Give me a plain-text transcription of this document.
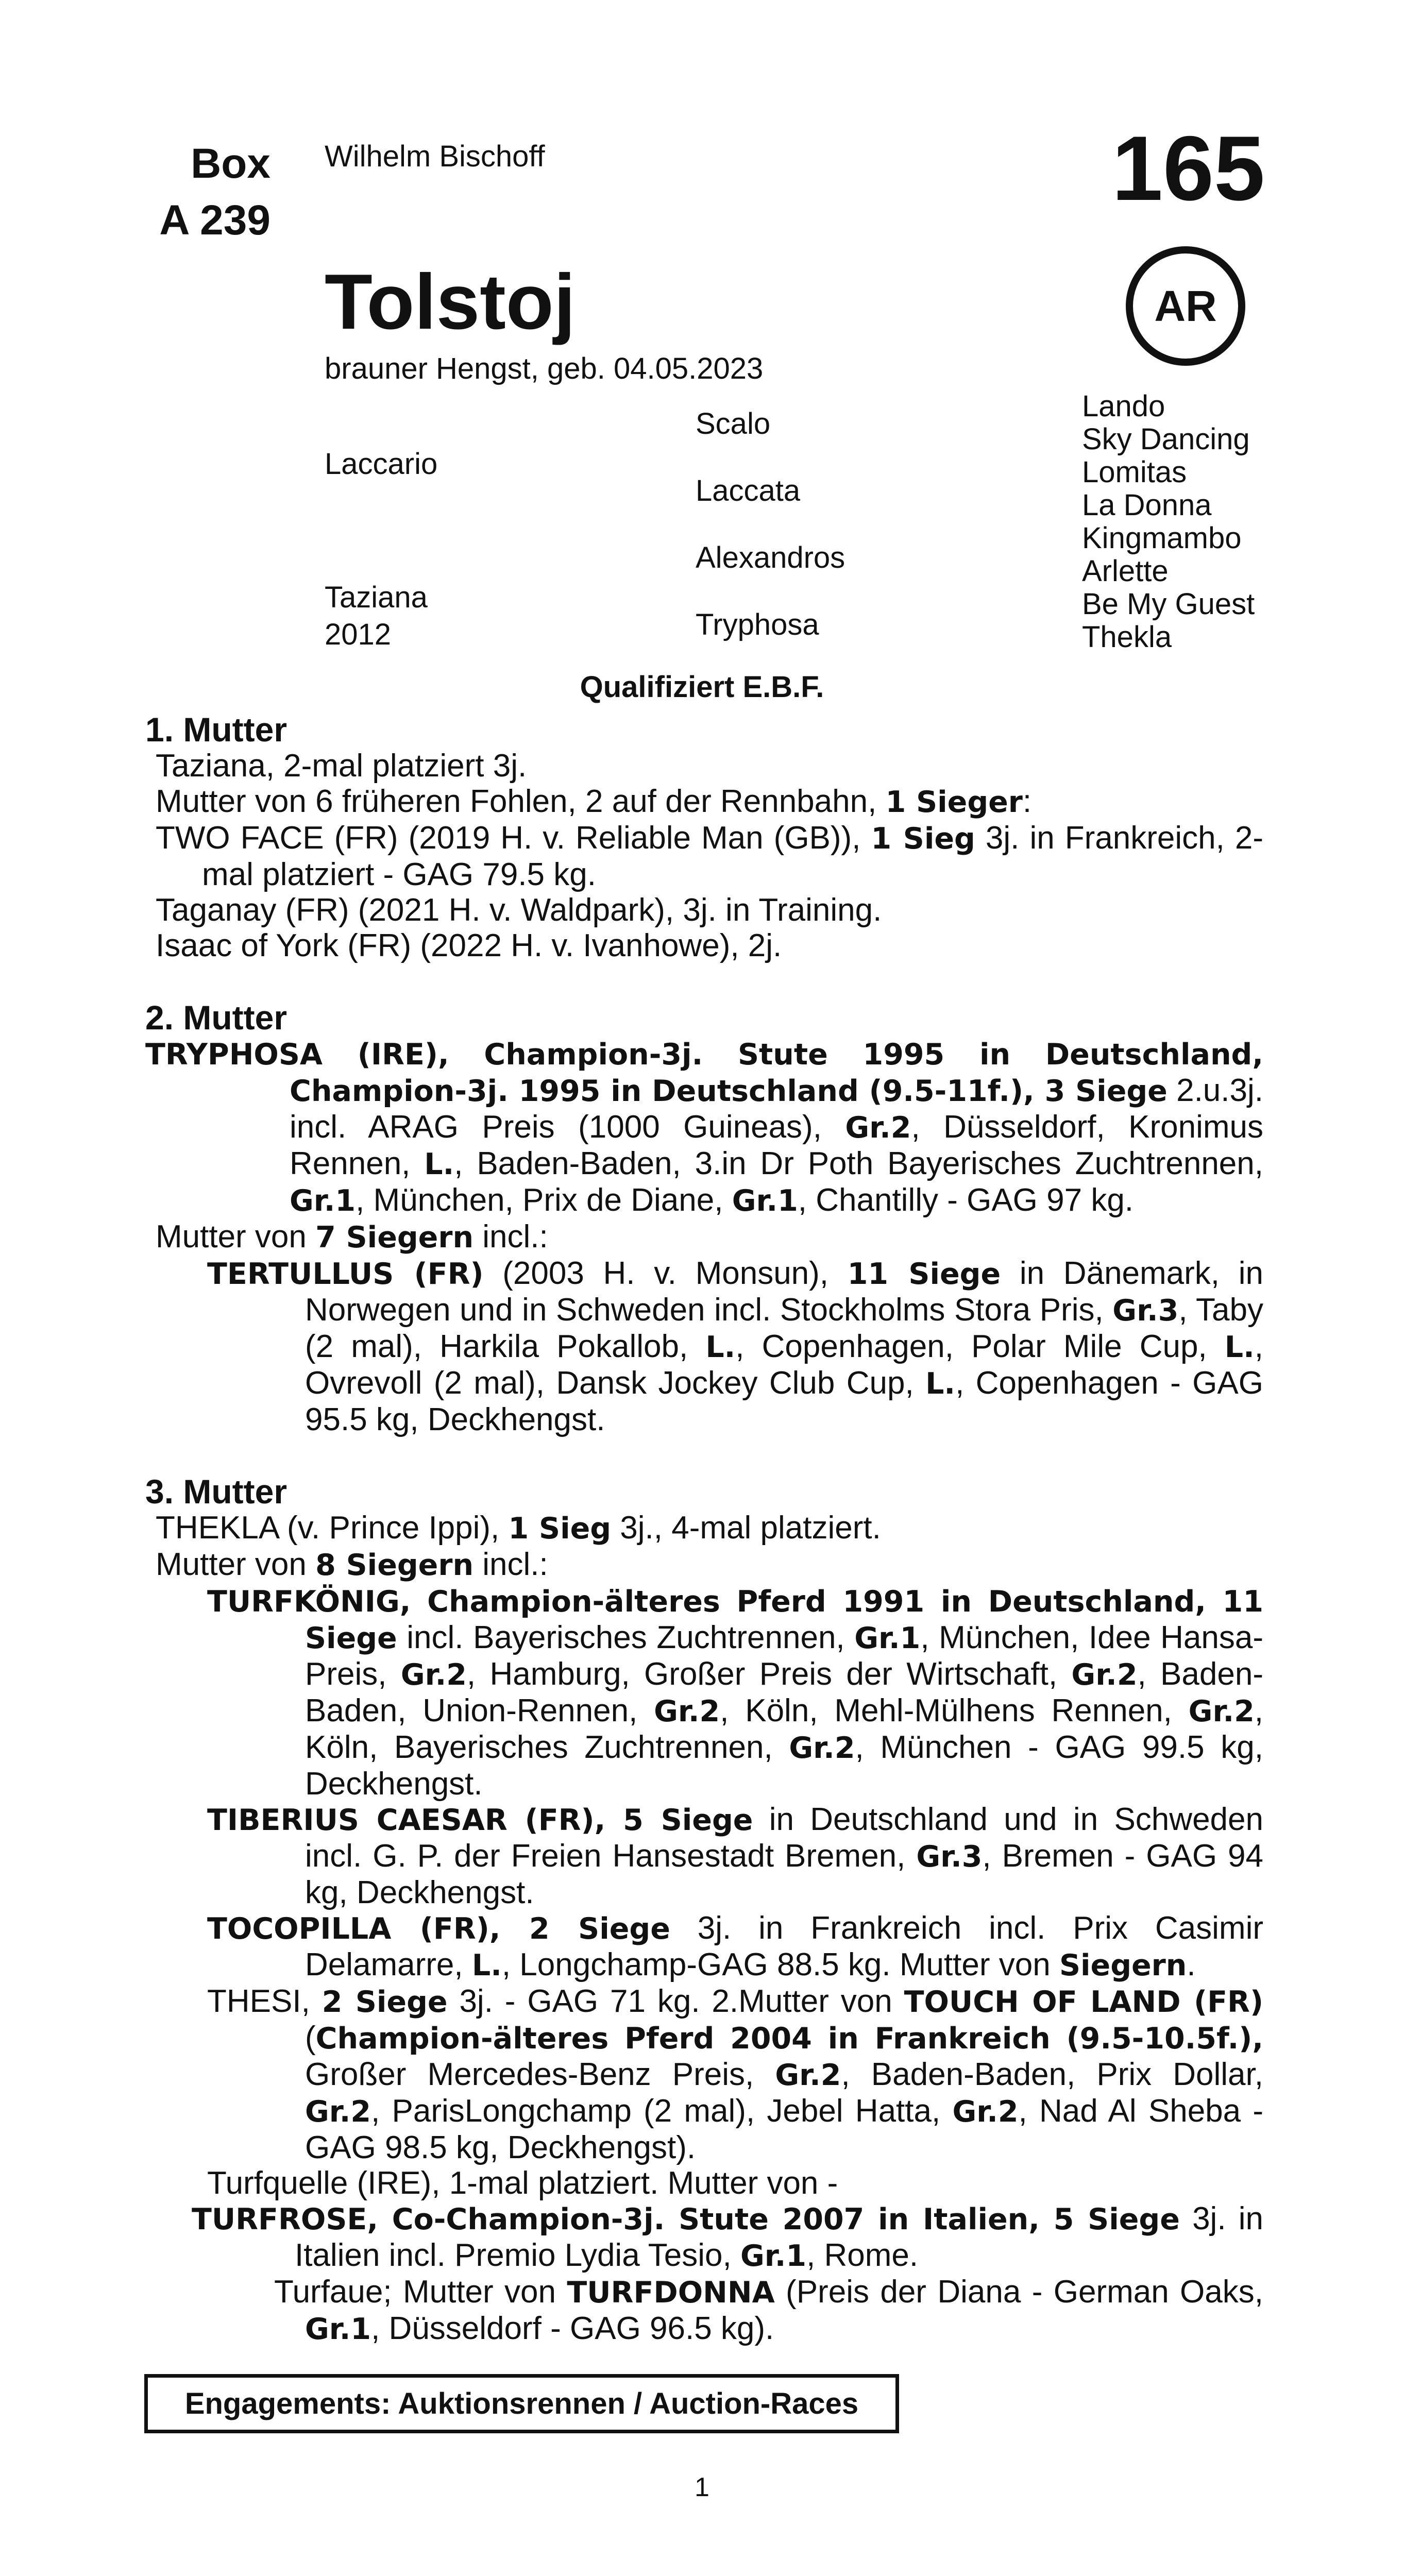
Box
A 239
Wilhelm Bischoff	165
AR
Tolstoj
brauner Hengst, geb. 04.05.2023
Laccario
Taziana
2012
Scalo
Laccata
Alexandros
Tryphosa
Lando
Sky Dancing
Lomitas
La Donna
Kingmambo
Arlette
Be My Guest
Thekla
Qualifiziert E.B.F.

1. Mutter

Taziana, 2-mal platziert 3j.

Mutter von 6 früheren Fohlen, 2 auf der Rennbahn, 1 Sieger:

TWO FACE (FR) (2019 H. v. Reliable Man (GB)), 1 Sieg 3j. in Frankreich, 2-mal platziert - GAG 79.5 kg.

Taganay (FR) (2021 H. v. Waldpark), 3j. in Training.

Isaac of York (FR) (2022 H. v. Ivanhowe), 2j.

2. Mutter

TRYPHOSA (IRE), Champion-3j. Stute 1995 in Deutschland, Champion-3j. 1995 in Deutschland (9.5-11f.), 3 Siege 2.u.3j. incl. ARAG Preis (1000 Guineas), Gr.2, Düsseldorf, Kronimus Rennen, L., Baden-Baden, 3.in Dr Poth Bayerisches Zuchtrennen, Gr.1, München, Prix de Diane, Gr.1, Chantilly - GAG 97 kg.

Mutter von 7 Siegern incl.:

TERTULLUS (FR) (2003 H. v. Monsun), 11 Siege in Dänemark, in Norwegen und in Schweden incl. Stockholms Stora Pris, Gr.3, Taby (2 mal), Harkila Pokallob, L., Copenhagen, Polar Mile Cup, L., Ovrevoll (2 mal), Dansk Jockey Club Cup, L., Copenhagen - GAG 95.5 kg, Deckhengst.

3. Mutter

THEKLA (v. Prince Ippi), 1 Sieg 3j., 4-mal platziert.

Mutter von 8 Siegern incl.:

TURFKÖNIG, Champion-älteres Pferd 1991 in Deutschland, 11 Siege incl. Bayerisches Zuchtrennen, Gr.1, München, Idee Hansa-Preis, Gr.2, Hamburg, Großer Preis der Wirtschaft, Gr.2, Baden-Baden, Union-Rennen, Gr.2, Köln, Mehl-Mülhens Rennen, Gr.2, Köln, Bayerisches Zuchtrennen, Gr.2, München - GAG 99.5 kg, Deckhengst.

TIBERIUS CAESAR (FR), 5 Siege in Deutschland und in Schweden incl. G. P. der Freien Hansestadt Bremen, Gr.3, Bremen - GAG 94 kg, Deckhengst.

TOCOPILLA (FR), 2 Siege 3j. in Frankreich incl. Prix Casimir Delamarre, L., Longchamp-GAG 88.5 kg. Mutter von Siegern.

THESI, 2 Siege 3j. - GAG 71 kg. 2.Mutter von TOUCH OF LAND (FR) (Champion-älteres Pferd 2004 in Frankreich (9.5-10.5f.), Großer Mercedes-Benz Preis, Gr.2, Baden-Baden, Prix Dollar, Gr.2, ParisLongchamp (2 mal), Jebel Hatta, Gr.2, Nad Al Sheba - GAG 98.5 kg, Deckhengst).

Turfquelle (IRE), 1-mal platziert. Mutter von -

TURFROSE, Co-Champion-3j. Stute 2007 in Italien, 5 Siege 3j. in Italien incl. Premio Lydia Tesio, Gr.1, Rome.

Turfaue; Mutter von TURFDONNA (Preis der Diana - German Oaks, Gr.1, Düsseldorf - GAG 96.5 kg).

Engagements: Auktionsrennen / Auction-Races
1
